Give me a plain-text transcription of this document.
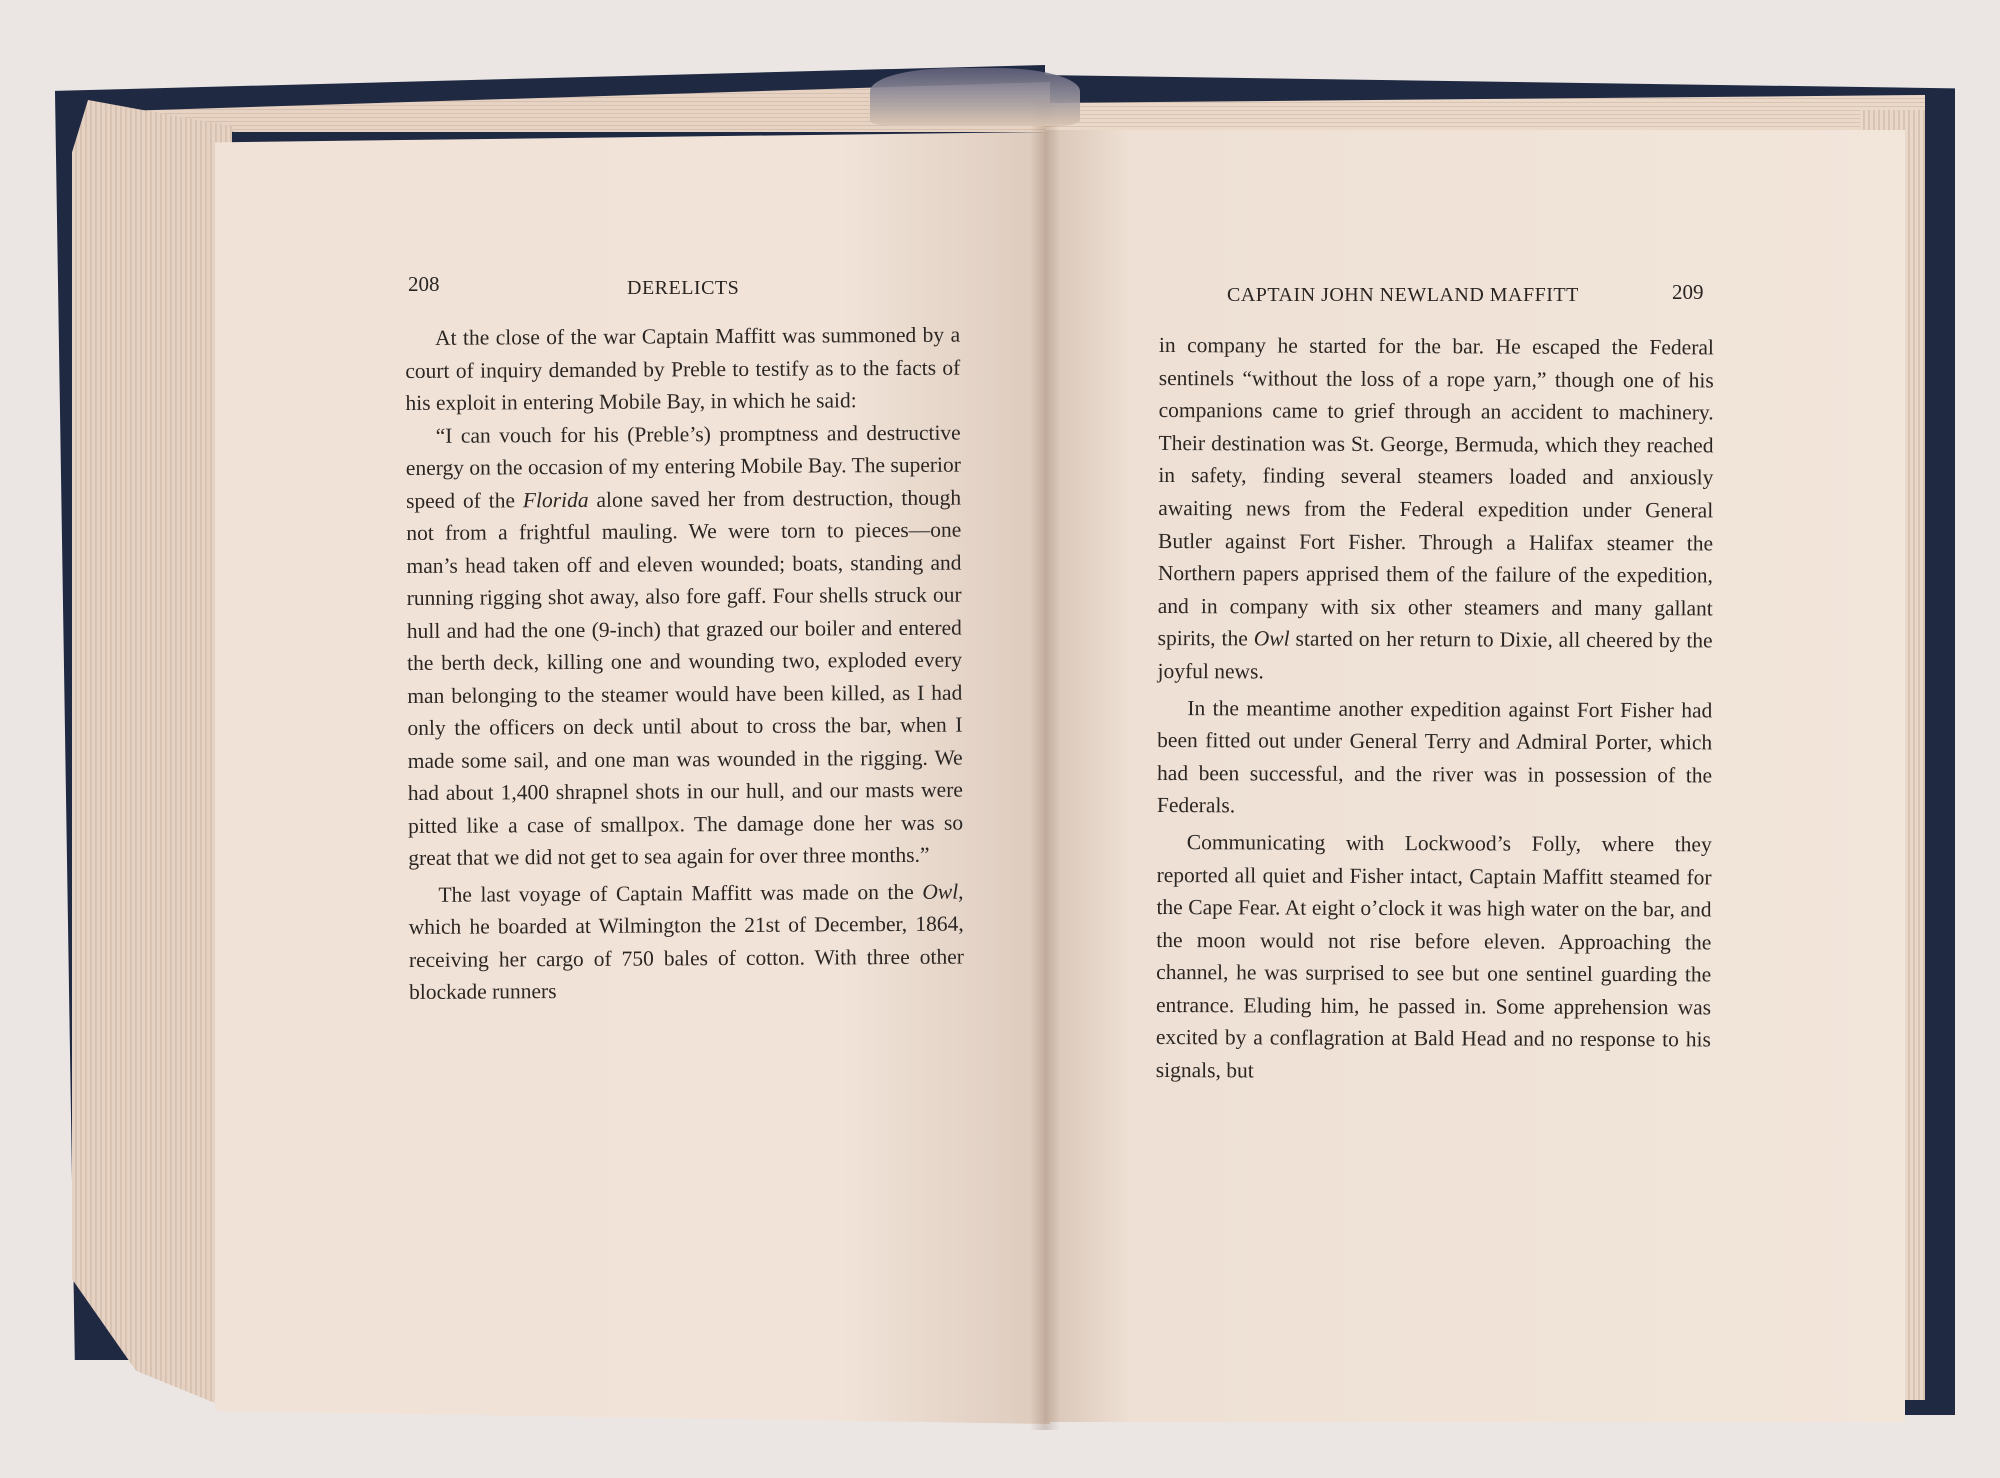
208	DERELICTS	CAPTAIN JOHN NEWLAND MAFFITT	209

At the close of the war Captain Maffitt was summoned by a court of inquiry demanded by Preble to testify as to the facts of his exploit in entering Mobile Bay, in which he said:

“I can vouch for his (Preble’s) promptness and destructive energy on the occasion of my entering Mobile Bay. The superior speed of the Florida alone saved her from destruction, though not from a frightful mauling. We were torn to pieces—one man’s head taken off and eleven wounded; boats, standing and running rigging shot away, also fore gaff. Four shells struck our hull and had the one (9-inch) that grazed our boiler and entered the berth deck, killing one and wounding two, exploded every man belonging to the steamer would have been killed, as I had only the officers on deck until about to cross the bar, when I made some sail, and one man was wounded in the rigging. We had about 1,400 shrapnel shots in our hull, and our masts were pitted like a case of smallpox. The damage done her was so great that we did not get to sea again for over three months.”

The last voyage of Captain Maffitt was made on the Owl, which he boarded at Wilmington the 21st of December, 1864, receiving her cargo of 750 bales of cotton. With three other blockade runners

in company he started for the bar. He escaped the Federal sentinels “without the loss of a rope yarn,” though one of his companions came to grief through an accident to machinery. Their destination was St. George, Bermuda, which they reached in safety, finding several steamers loaded and anxiously awaiting news from the Federal expedition under General Butler against Fort Fisher. Through a Halifax steamer the Northern papers apprised them of the failure of the expedition, and in company with six other steamers and many gallant spirits, the Owl started on her return to Dixie, all cheered by the joyful news.

In the meantime another expedition against Fort Fisher had been fitted out under General Terry and Admiral Porter, which had been successful, and the river was in possession of the Federals.

Communicating with Lockwood’s Folly, where they reported all quiet and Fisher intact, Captain Maffitt steamed for the Cape Fear. At eight o’clock it was high water on the bar, and the moon would not rise before eleven. Approaching the channel, he was surprised to see but one sentinel guarding the entrance. Eluding him, he passed in. Some apprehension was excited by a conflagration at Bald Head and no response to his signals, but
